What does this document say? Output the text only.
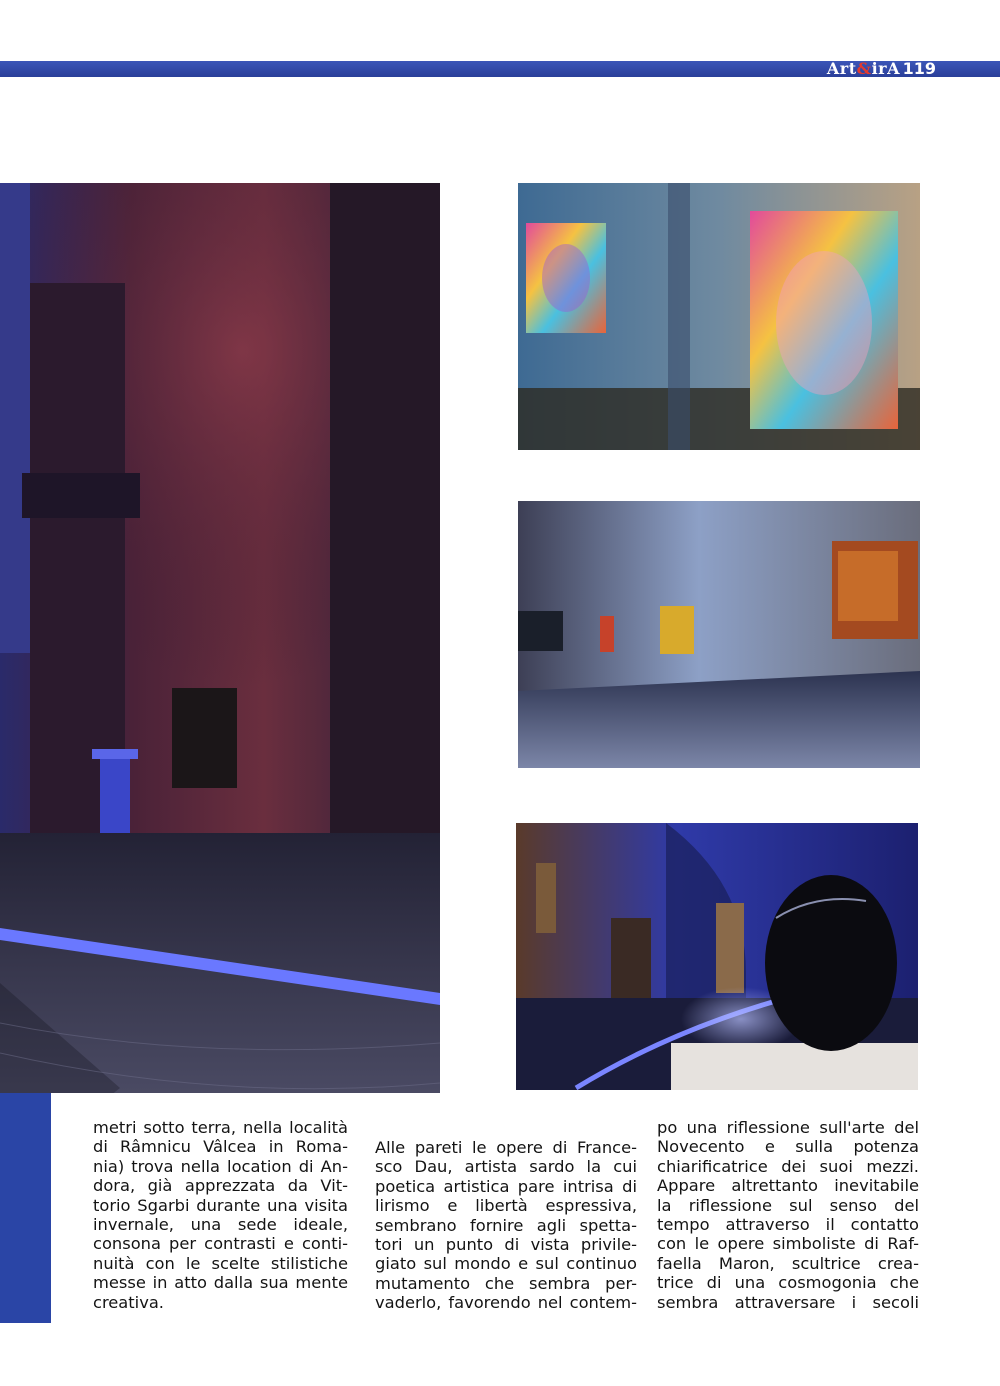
Art&irA 119
metri sotto terra, nella località
di Râmnicu Vâlcea in Roma-
nia) trova nella location di An-
dora, già apprezzata da Vit-
torio Sgarbi durante una visita
invernale, una sede ideale,
consona per contrasti e conti-
nuità con le scelte stilistiche
messe in atto dalla sua mente
creativa.
Alle pareti le opere di France-
sco Dau, artista sardo la cui
poetica artistica pare intrisa di
lirismo e libertà espressiva,
sembrano fornire agli spetta-
tori un punto di vista privile-
giato sul mondo e sul continuo
mutamento che sembra per-
vaderlo, favorendo nel contem-
po una riflessione sull'arte del
Novecento e sulla potenza
chiarificatrice dei suoi mezzi.
Appare altrettanto inevitabile
la riflessione sul senso del
tempo attraverso il contatto
con le opere simboliste di Raf-
faella Maron, scultrice crea-
trice di una cosmogonia che
sembra attraversare i secoli
